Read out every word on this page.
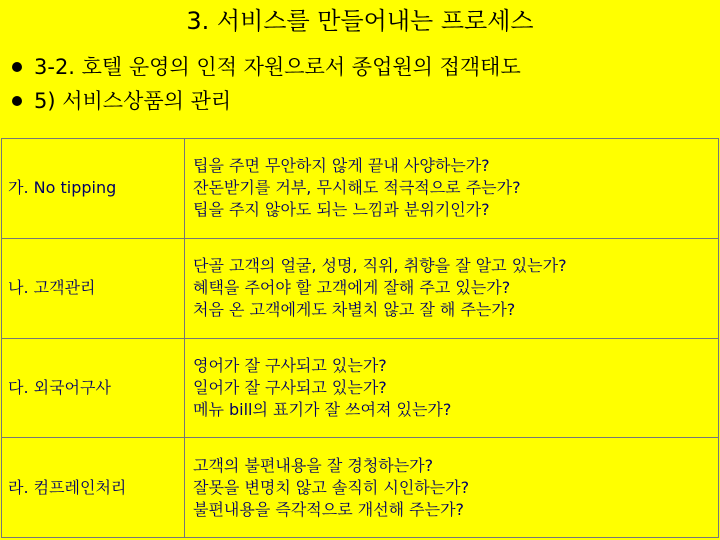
3. 서비스를 만들어내는 프로세스
3-2. 호텔 운영의 인적 자원으로서 종업원의 접객태도
5) 서비스상품의 관리
가. No tipping	팁을 주면 무안하지 않게 끝내 사양하는가?
잔돈받기를 거부, 무시해도 적극적으로 주는가?
팁을 주지 않아도 되는 느낌과 분위기인가?

나. 고객관리	단골 고객의 얼굴, 성명, 직위, 취향을 잘 알고 있는가?
혜택을 주어야 할 고객에게 잘해 주고 있는가?
처음 온 고객에게도 차별치 않고 잘 해 주는가?

다. 외국어구사	영어가 잘 구사되고 있는가?
일어가 잘 구사되고 있는가?
메뉴 bill의 표기가 잘 쓰여져 있는가?

라. 컴프레인처리	고객의 불편내용을 잘 경청하는가?
잘못을 변명치 않고 솔직히 시인하는가?
불편내용을 즉각적으로 개선해 주는가?
